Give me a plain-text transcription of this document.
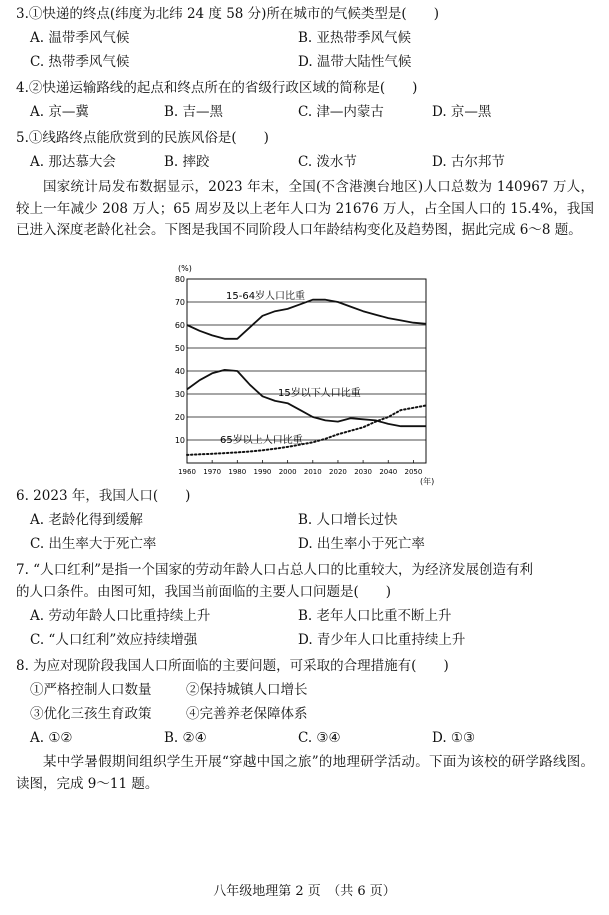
3.①快递的终点(纬度为北纬 24 度 58 分)所在城市的气候类型是(　　)
A. 温带季风气候	B. 亚热带季风气候
C. 热带季风气候	D. 温带大陆性气候
4.②快递运输路线的起点和终点所在的省级行政区域的简称是(　　)
A. 京—冀	B. 吉—黑	C. 津—内蒙古	D. 京—黑
5.①线路终点能欣赏到的民族风俗是(　　)
A. 那达慕大会	B. 摔跤	C. 泼水节	D. 古尔邦节
国家统计局发布数据显示，2023 年末，全国(不含港澳台地区)人口总数为 140967 万人，较上一年减少 208 万人；65 周岁及以上老年人口为 21676 万人，占全国人口的 15.4%，我国已进入深度老龄化社会。下图是我国不同阶段人口年龄结构变化及趋势图，据此完成 6～8 题。
10
20
30
40
50
60
70
80
1960 1970 1980 1990 2000 2010 2020 2030 2040 2050
(%)
(年)
15-64岁人口比重
15岁以下人口比重
65岁以上人口比重
6. 2023 年，我国人口(　　)
A. 老龄化得到缓解	B. 人口增长过快
C. 出生率大于死亡率	D. 出生率小于死亡率
7. “人口红利”是指一个国家的劳动年龄人口占总人口的比重较大，为经济发展创造有利
的人口条件。由图可知，我国当前面临的主要人口问题是(　　)
A. 劳动年龄人口比重持续上升	B. 老年人口比重不断上升
C. “人口红利”效应持续增强	D. 青少年人口比重持续上升
8. 为应对现阶段我国人口所面临的主要问题，可采取的合理措施有(　　)
①严格控制人口数量	②保持城镇人口增长
③优化三孩生育政策	④完善养老保障体系
A. ①②	B. ②④	C. ③④	D. ①③
某中学暑假期间组织学生开展“穿越中国之旅”的地理研学活动。下面为该校的研学路线图。读图，完成 9～11 题。
八年级地理第 2 页　（共 6 页）
